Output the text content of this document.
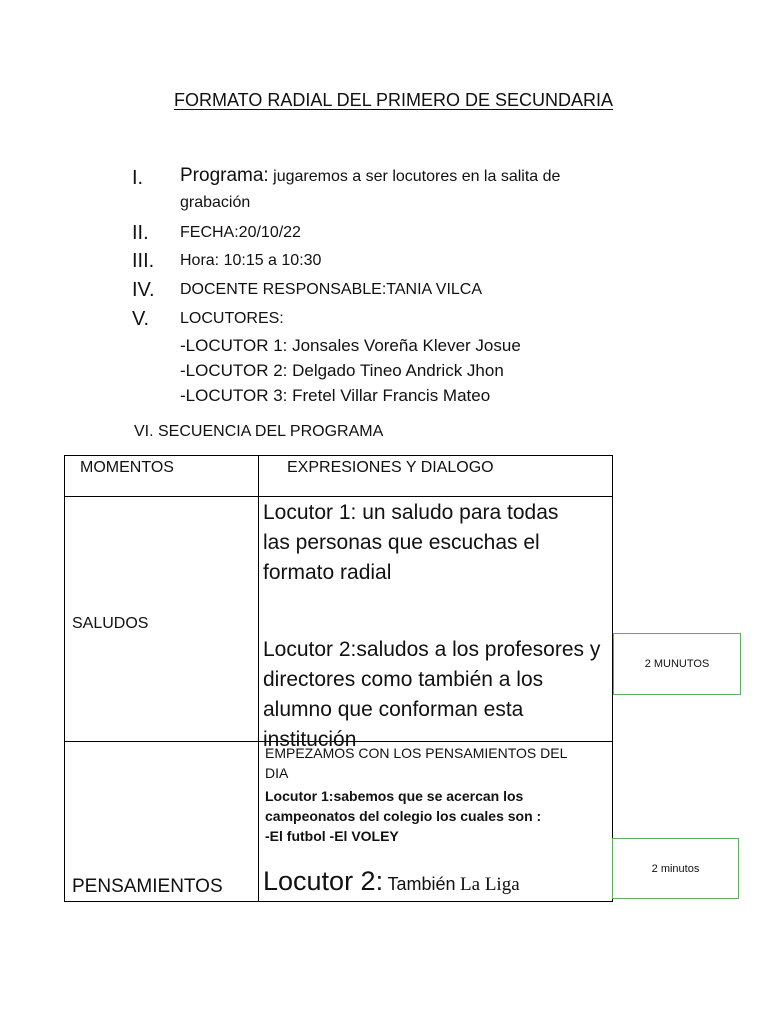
FORMATO RADIAL DEL PRIMERO DE SECUNDARIA
I. Programa: jugaremos a ser locutores en la salita de
grabación
II. FECHA:20/10/22
III. Hora: 10:15 a 10:30
IV. DOCENTE RESPONSABLE:TANIA VILCA
V. LOCUTORES:
-LOCUTOR 1: Jonsales Voreña Klever Josue
-LOCUTOR 2: Delgado Tineo Andrick Jhon
-LOCUTOR 3: Fretel Villar Francis Mateo
VI. SECUENCIA DEL PROGRAMA
MOMENTOS	EXPRESIONES Y DIALOGO
SALUDOS
Locutor 1: un saludo para todas
las personas que escuchas el
formato radial
Locutor 2:saludos a los profesores y
directores como también a los
alumno que conforman esta
institución
PENSAMIENTOS
EMPEZAMOS CON LOS PENSAMIENTOS DEL
DIA
Locutor 1:sabemos que se acercan los
campeonatos del colegio los cuales son :
-El futbol -El VOLEY
Locutor 2: También La Liga
2 MUNUTOS
2 minutos
